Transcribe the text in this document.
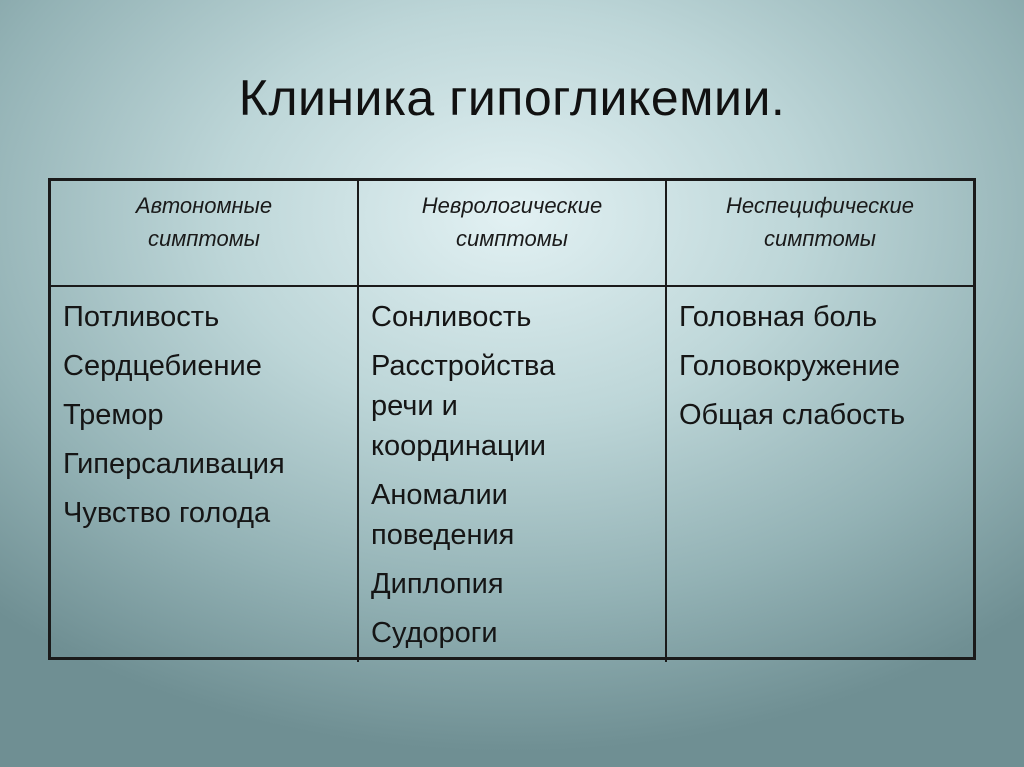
Клиника гипогликемии.
Автономные
симптомы
Неврологические
симптомы
Неспецифические
симптомы
Потливость
Сердцебиение
Тремор
Гиперсаливация
Чувство голода
Сонливость
Расстройства
речи и
координации
Аномалии
поведения
Диплопия
Судороги
Головная боль
Головокружение
Общая слабость
